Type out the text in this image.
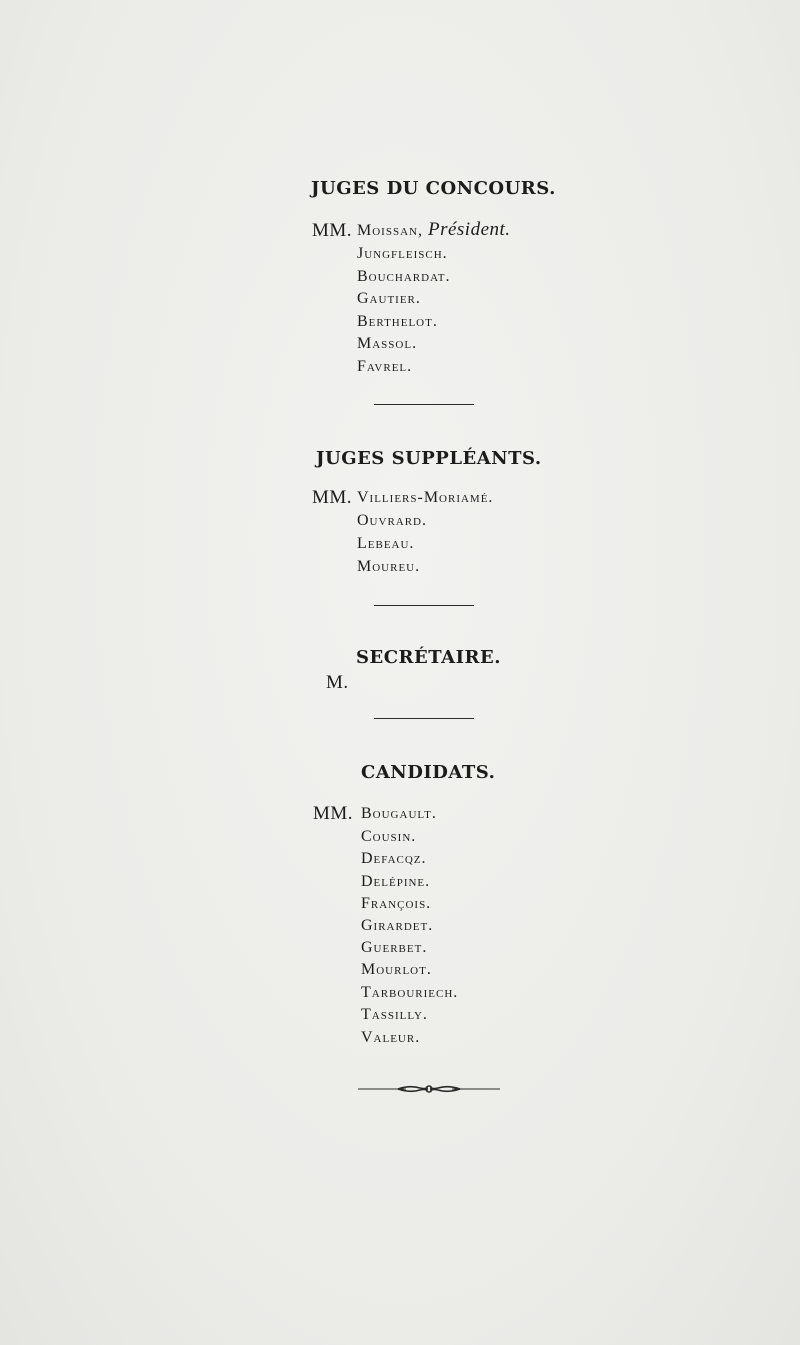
JUGES DU CONCOURS.
MM. Moissan, Président.
Jungfleisch.
Bouchardat.
Gautier.
Berthelot.
Massol.
Favrel.
JUGES SUPPLÉANTS.
MM. Villiers-Moriamé.
Ouvrard.
Lebeau.
Moureu.
SECRÉTAIRE.
M.
CANDIDATS.
MM. Bougault.
Cousin.
Defacqz.
Delépine.
François.
Girardet.
Guerbet.
Mourlot.
Tarbouriech.
Tassilly.
Valeur.
